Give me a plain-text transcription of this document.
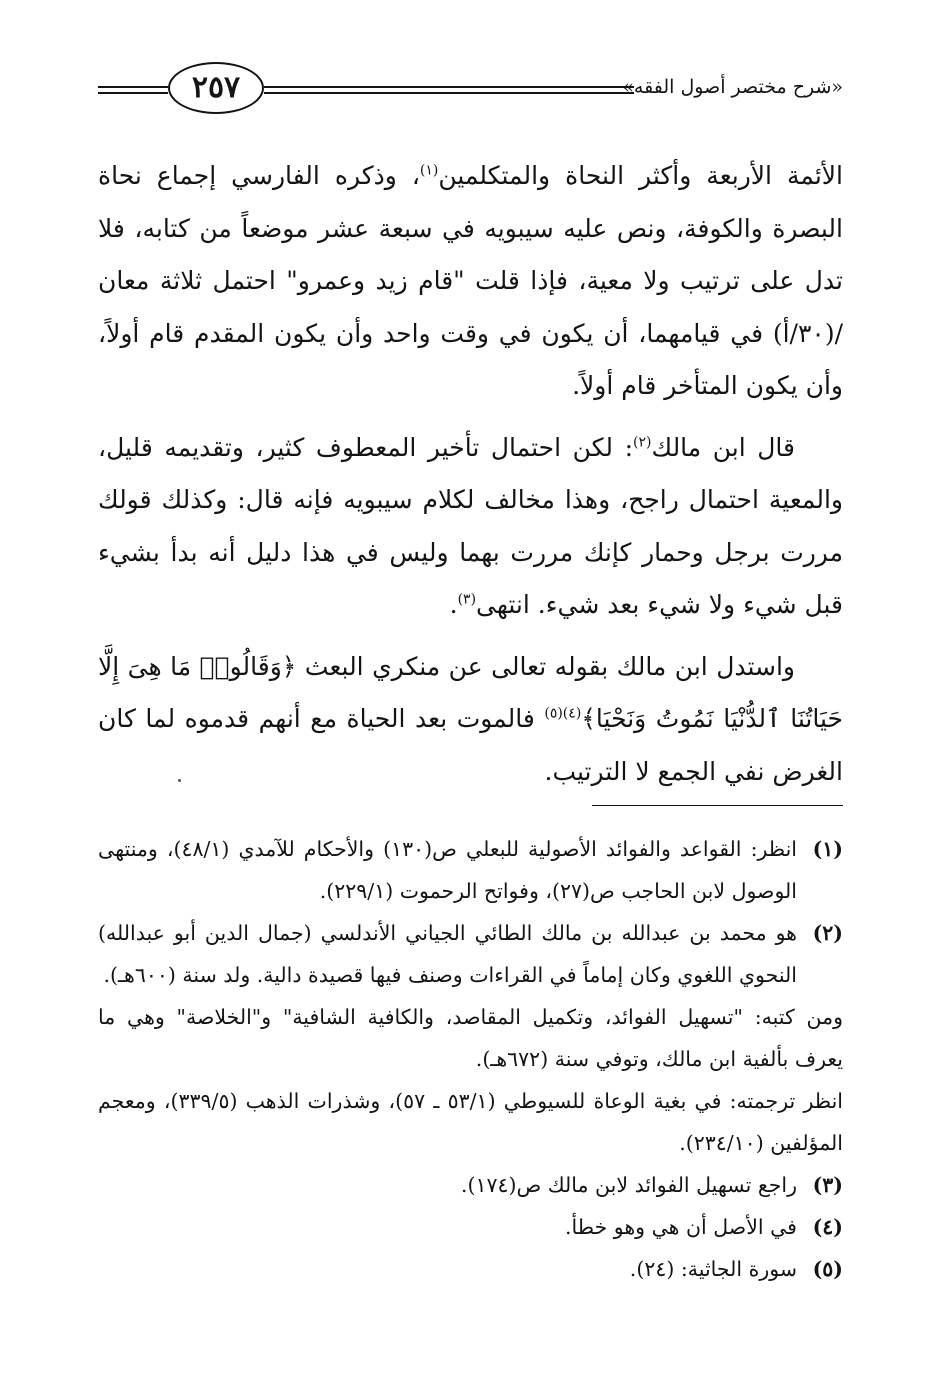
٢٥٧	«شرح مختصر أصول الفقه»

الأئمة الأربعة وأكثر النحاة والمتكلمين$^{(١)}$، وذكره الفارسي إجماع نحاة البصرة والكوفة، ونص عليه سيبويه في سبعة عشر موضعاً من كتابه، فلا تدل على ترتيب ولا معية، فإذا قلت "قام زيد وعمرو" احتمل ثلاثة معان /(٣٠/أ) في قيامهما، أن يكون في وقت واحد وأن يكون المقدم قام أولاً، وأن يكون المتأخر قام أولاً.

قال ابن مالك$^{(٢)}$: لكن احتمال تأخير المعطوف كثير، وتقديمه قليل، والمعية احتمال راجح، وهذا مخالف لكلام سيبويه فإنه قال: وكذلك قولك مررت برجل وحمار كإنك مررت بهما وليس في هذا دليل أنه بدأ بشيء قبل شيء ولا شيء بعد شيء. انتهى$^{(٣)}$.

واستدل ابن مالك بقوله تعالى عن منكري البعث ﴿وَقَالُوا۟ مَا هِىَ إِلَّا حَيَاتُنَا ٱلدُّنْيَا نَمُوتُ وَنَحْيَا﴾$^{(٤)(٥)}$ فالموت بعد الحياة مع أنهم قدموه لما كان الغرض نفي الجمع لا الترتيب.

(١)
انظر: القواعد والفوائد الأصولية للبعلي ص(١٣٠) والأحكام للآمدي (٤٨/١)، ومنتهى الوصول لابن الحاجب ص(٢٧)، وفواتح الرحموت (٢٢٩/١).

(٢)
هو محمد بن عبدالله بن مالك الطائي الجياني الأندلسي (جمال الدين أبو عبدالله) النحوي اللغوي وكان إماماً في القراءات وصنف فيها قصيدة دالية. ولد سنة (٦٠٠هـ).

ومن كتبه: "تسهيل الفوائد، وتكميل المقاصد، والكافية الشافية" و"الخلاصة" وهي ما يعرف بألفية ابن مالك، وتوفي سنة (٦٧٢هـ).

انظر ترجمته: في بغية الوعاة للسيوطي (٥٣/١ ـ ٥٧)، وشذرات الذهب (٣٣٩/٥)، ومعجم المؤلفين (٢٣٤/١٠).

(٣)
راجع تسهيل الفوائد لابن مالك ص(١٧٤).

(٤)
في الأصل أن هي وهو خطأ.

(٥)
سورة الجاثية: (٢٤).
